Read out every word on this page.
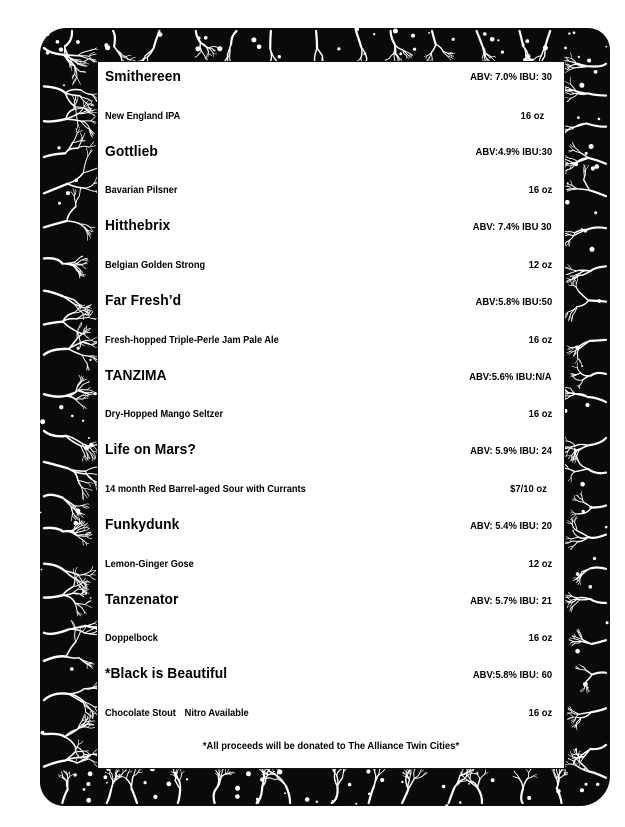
Smithereen	ABV: 7.0% IBU: 30
New England IPA	16 oz
Gottlieb	ABV:4.9% IBU:30
Bavarian Pilsner	16 oz
Hitthebrix	ABV: 7.4% IBU 30
Belgian Golden Strong	12 oz
Far Fresh’d	ABV:5.8% IBU:50
Fresh-hopped Triple-Perle Jam Pale Ale	16 oz
TANZIMA	ABV:5.6% IBU:N/A
Dry-Hopped Mango Seltzer	16 oz
Life on Mars?	ABV: 5.9% IBU: 24
14 month Red Barrel-aged Sour with Currants	$7/10 oz
Funkydunk	ABV: 5.4% IBU: 20
Lemon-Ginger Gose	12 oz
Tanzenator	ABV: 5.7% IBU: 21
Doppelbock	16 oz
*Black is Beautiful	ABV:5.8% IBU: 60
Chocolate Stout Nitro Available	16 oz
*All proceeds will be donated to The Alliance Twin Cities*
